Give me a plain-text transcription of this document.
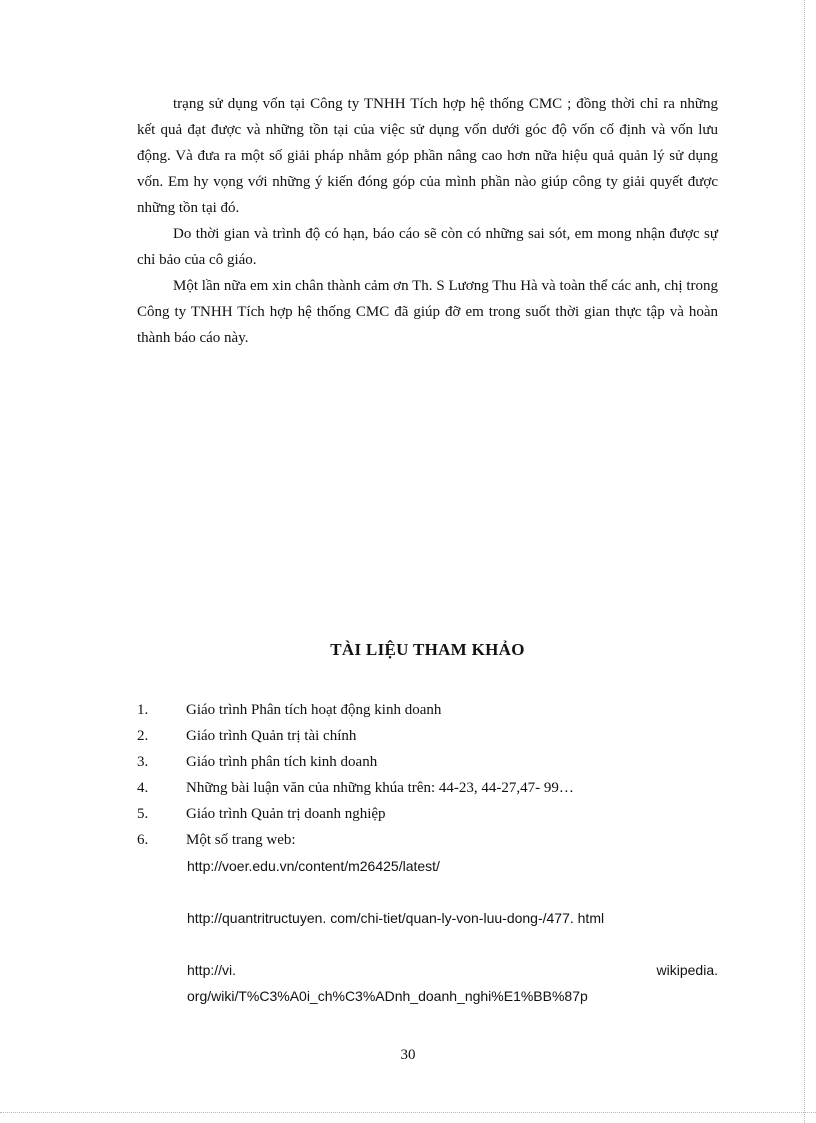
trạng sử dụng vốn tại Công ty TNHH Tích hợp hệ thống CMC ; đồng thời chỉ ra những kết quả đạt được và những tồn tại của việc sử dụng vốn dưới góc độ vốn cố định và vốn lưu động. Và đưa ra một số giải pháp nhằm góp phần nâng cao hơn nữa hiệu quả quản lý sử dụng vốn. Em hy vọng với những ý kiến đóng góp của mình phần nào giúp công ty giải quyết được những tồn tại đó.

Do thời gian và trình độ có hạn, báo cáo sẽ còn có những sai sót, em mong nhận được sự chỉ bảo của cô giáo.

Một lần nữa em xin chân thành cảm ơn Th. S Lương Thu Hà và toàn thể các anh, chị trong Công ty TNHH Tích hợp hệ thống CMC đã giúp đỡ em trong suốt thời gian thực tập và hoàn thành báo cáo này.

TÀI LIỆU THAM KHẢO
1.	Giáo trình Phân tích hoạt động kinh doanh
2.	Giáo trình Quản trị tài chính
3.	Giáo trình phân tích kinh doanh
4.	Những bài luận văn của những khúa trên: 44-23, 44-27,47- 99…
5.	Giáo trình Quản trị doanh nghiệp
6.	Một số trang web:
http://voer.edu.vn/content/m26425/latest/
http://quantritructuyen. com/chi-tiet/quan-ly-von-luu-dong-/477. html
http://vi.	wikipedia.
org/wiki/T%C3%A0i_ch%C3%ADnh_doanh_nghi%E1%BB%87p
30
